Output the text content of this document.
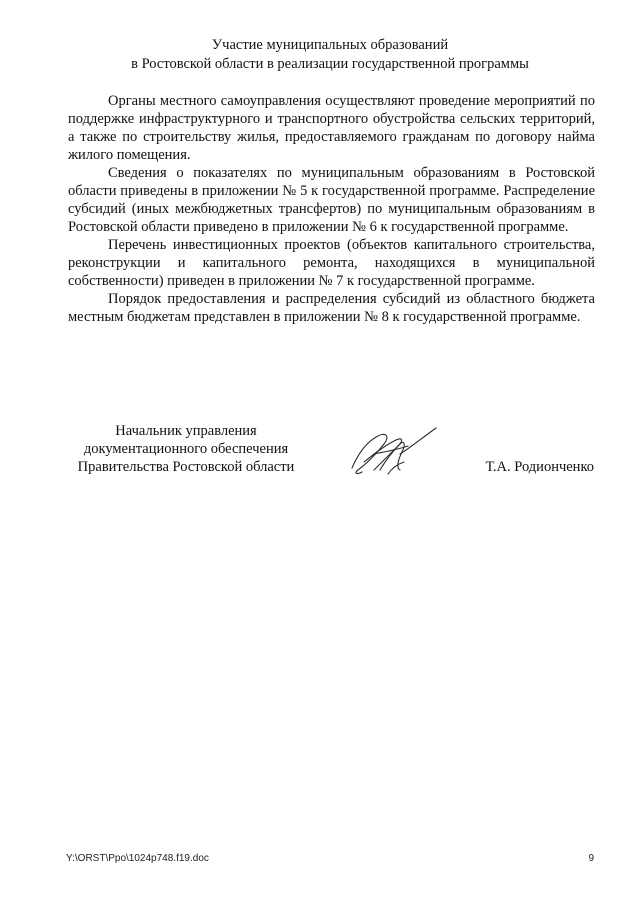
Участие муниципальных образований
в Ростовской области в реализации государственной программы

Органы местного самоуправления осуществляют проведение мероприятий по поддержке инфраструктурного и транспортного обустройства сельских территорий, а также по строительству жилья, предоставляемого гражданам по договору найма жилого помещения.

Сведения о показателях по муниципальным образованиям в Ростовской области приведены в приложении № 5 к государственной программе. Распределение субсидий (иных межбюджетных трансфертов) по муниципальным образованиям в Ростовской области приведено в приложении № 6 к государственной программе.

Перечень инвестиционных проектов (объектов капитального строительства, реконструкции и капитального ремонта, находящихся в муниципальной собственности) приведен в приложении № 7 к государственной программе.

Порядок предоставления и распределения субсидий из областного бюджета местным бюджетам представлен в приложении № 8 к государственной программе.

Начальник управления
документационного обеспечения
Правительства Ростовской области	Т.А. Родионченко
Y:\ORST\Ppo\1024p748.f19.doc	9
